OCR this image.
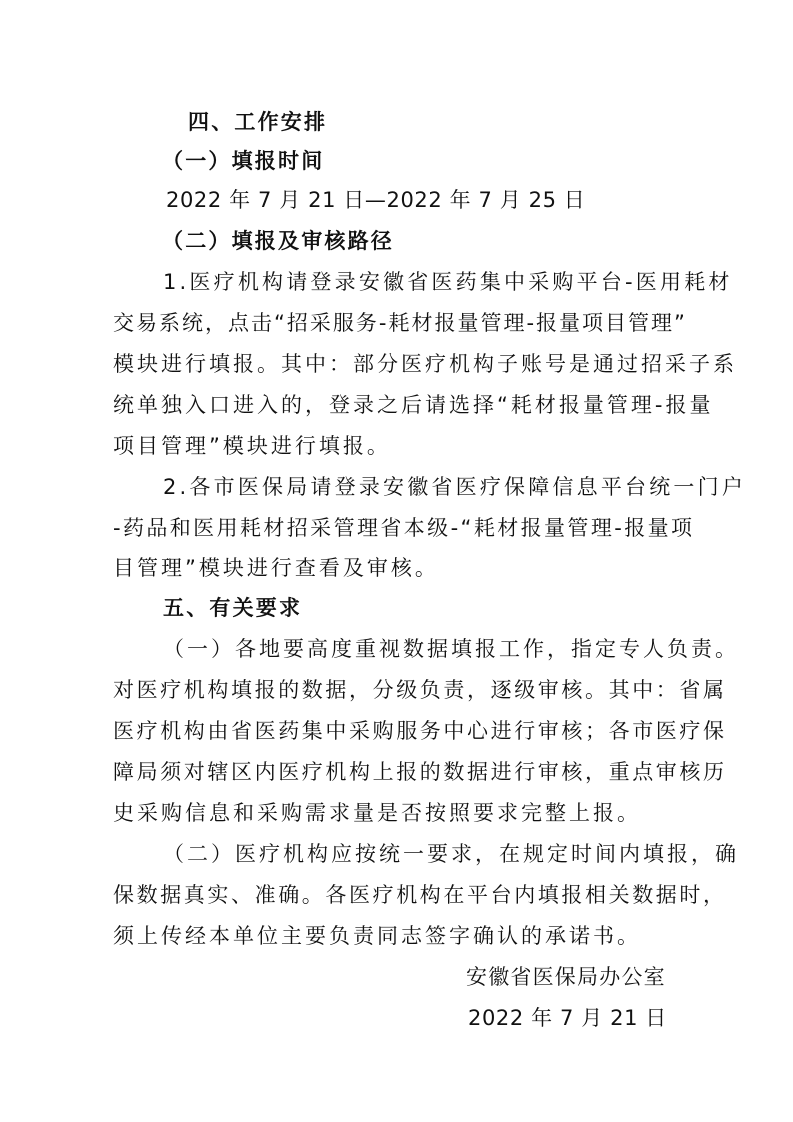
四、工作安排
（一）填报时间
2022 年 7 月 21 日—2022 年 7 月 25 日
（二）填报及审核路径
1.医疗机构请登录安徽省医药集中采购平台-医用耗材
交易系统，点击“招采服务-耗材报量管理-报量项目管理”
模块进行填报。其中：部分医疗机构子账号是通过招采子系
统单独入口进入的，登录之后请选择“耗材报量管理-报量
项目管理”模块进行填报。
2.各市医保局请登录安徽省医疗保障信息平台统一门户
-药品和医用耗材招采管理省本级-“耗材报量管理-报量项
目管理”模块进行查看及审核。
五、有关要求
（一）各地要高度重视数据填报工作，指定专人负责。
对医疗机构填报的数据，分级负责，逐级审核。其中：省属
医疗机构由省医药集中采购服务中心进行审核；各市医疗保
障局须对辖区内医疗机构上报的数据进行审核，重点审核历
史采购信息和采购需求量是否按照要求完整上报。
（二）医疗机构应按统一要求，在规定时间内填报，确
保数据真实、准确。各医疗机构在平台内填报相关数据时，
须上传经本单位主要负责同志签字确认的承诺书。
安徽省医保局办公室
2022 年 7 月 21 日
